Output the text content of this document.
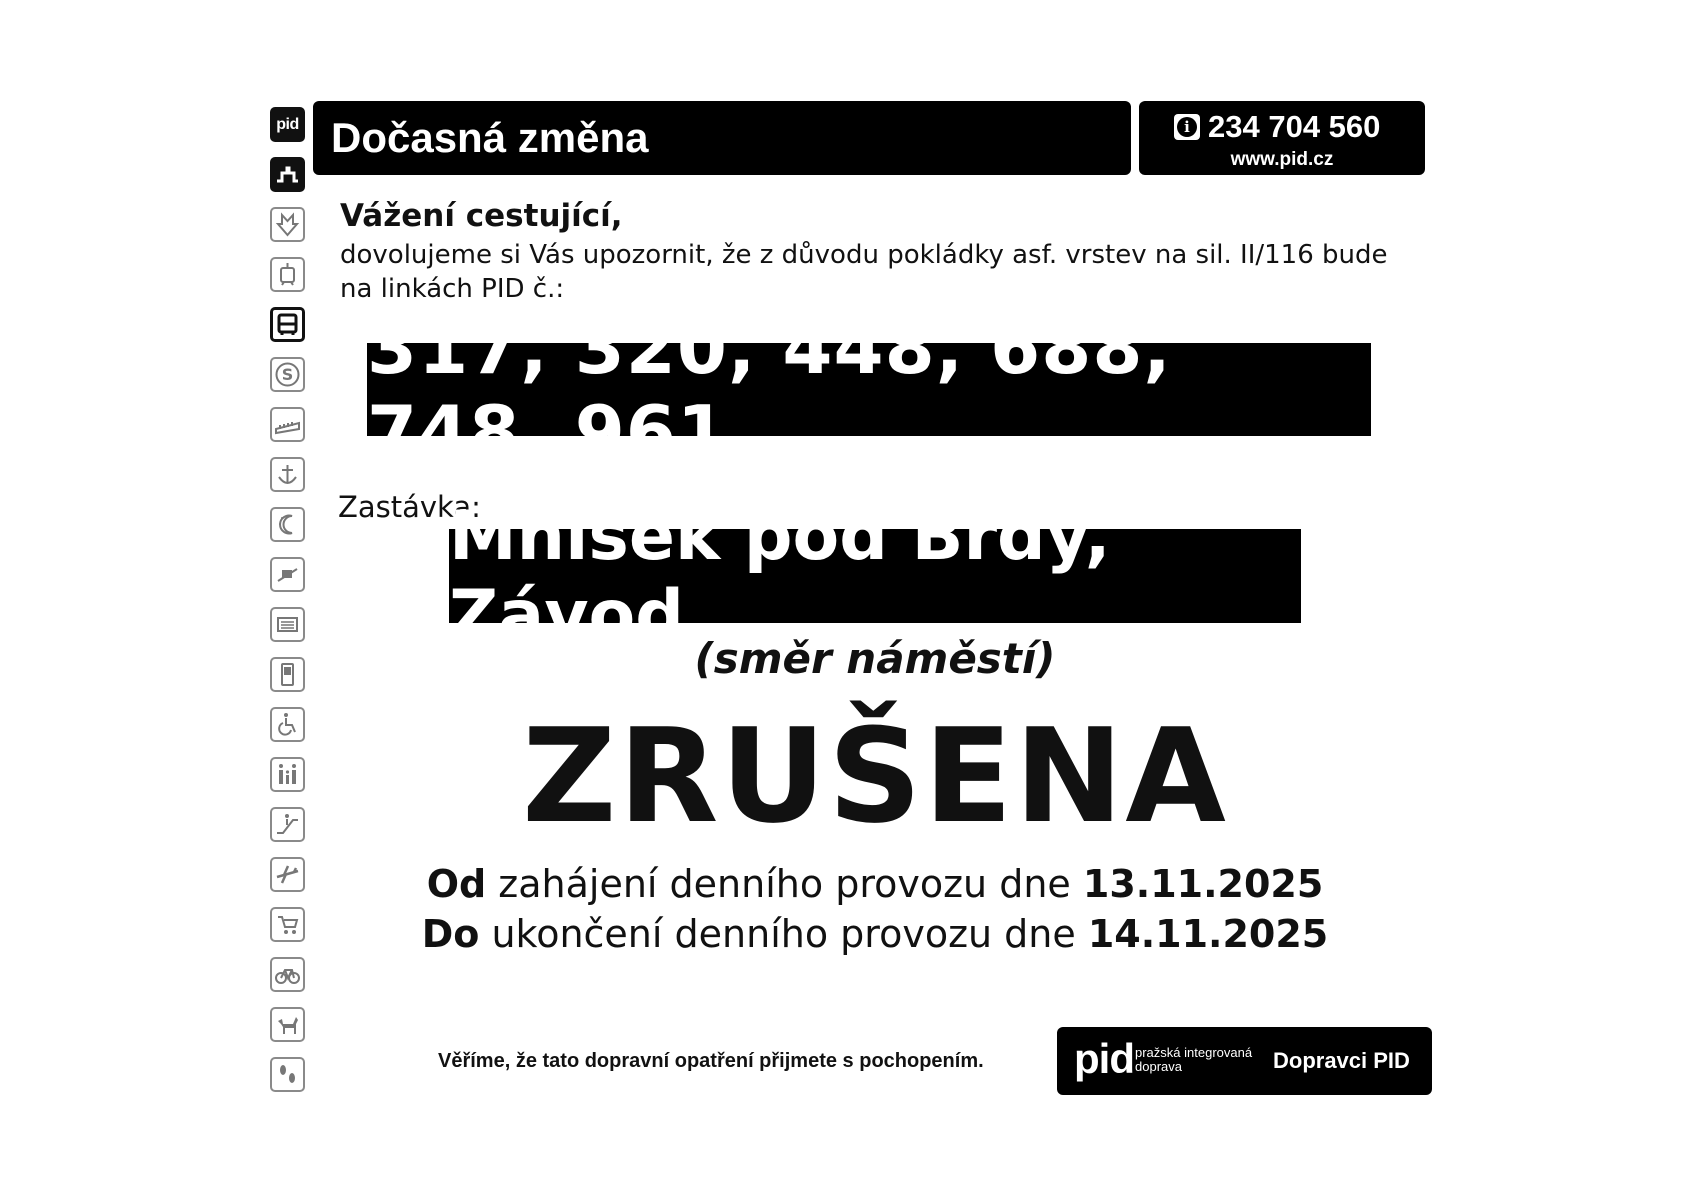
pid
S
Dočasná změna	i 234 704 560
www.pid.cz
Vážení cestující,
dovolujeme si Vás upozornit, že z důvodu pokládky asf. vrstev na sil. II/116 bude na linkách PID č.:
317, 320, 448, 688, 748, 961
Zastávka:
Mníšek pod Brdy, Závod
(směr náměstí)
ZRUŠENA
Od zahájení denního provozu dne 13.11.2025
Do ukončení denního provozu dne 14.11.2025
Věříme, že tato dopravní opatření přijmete s pochopením. pid pražská integrovaná
doprava	Dopravci PID
